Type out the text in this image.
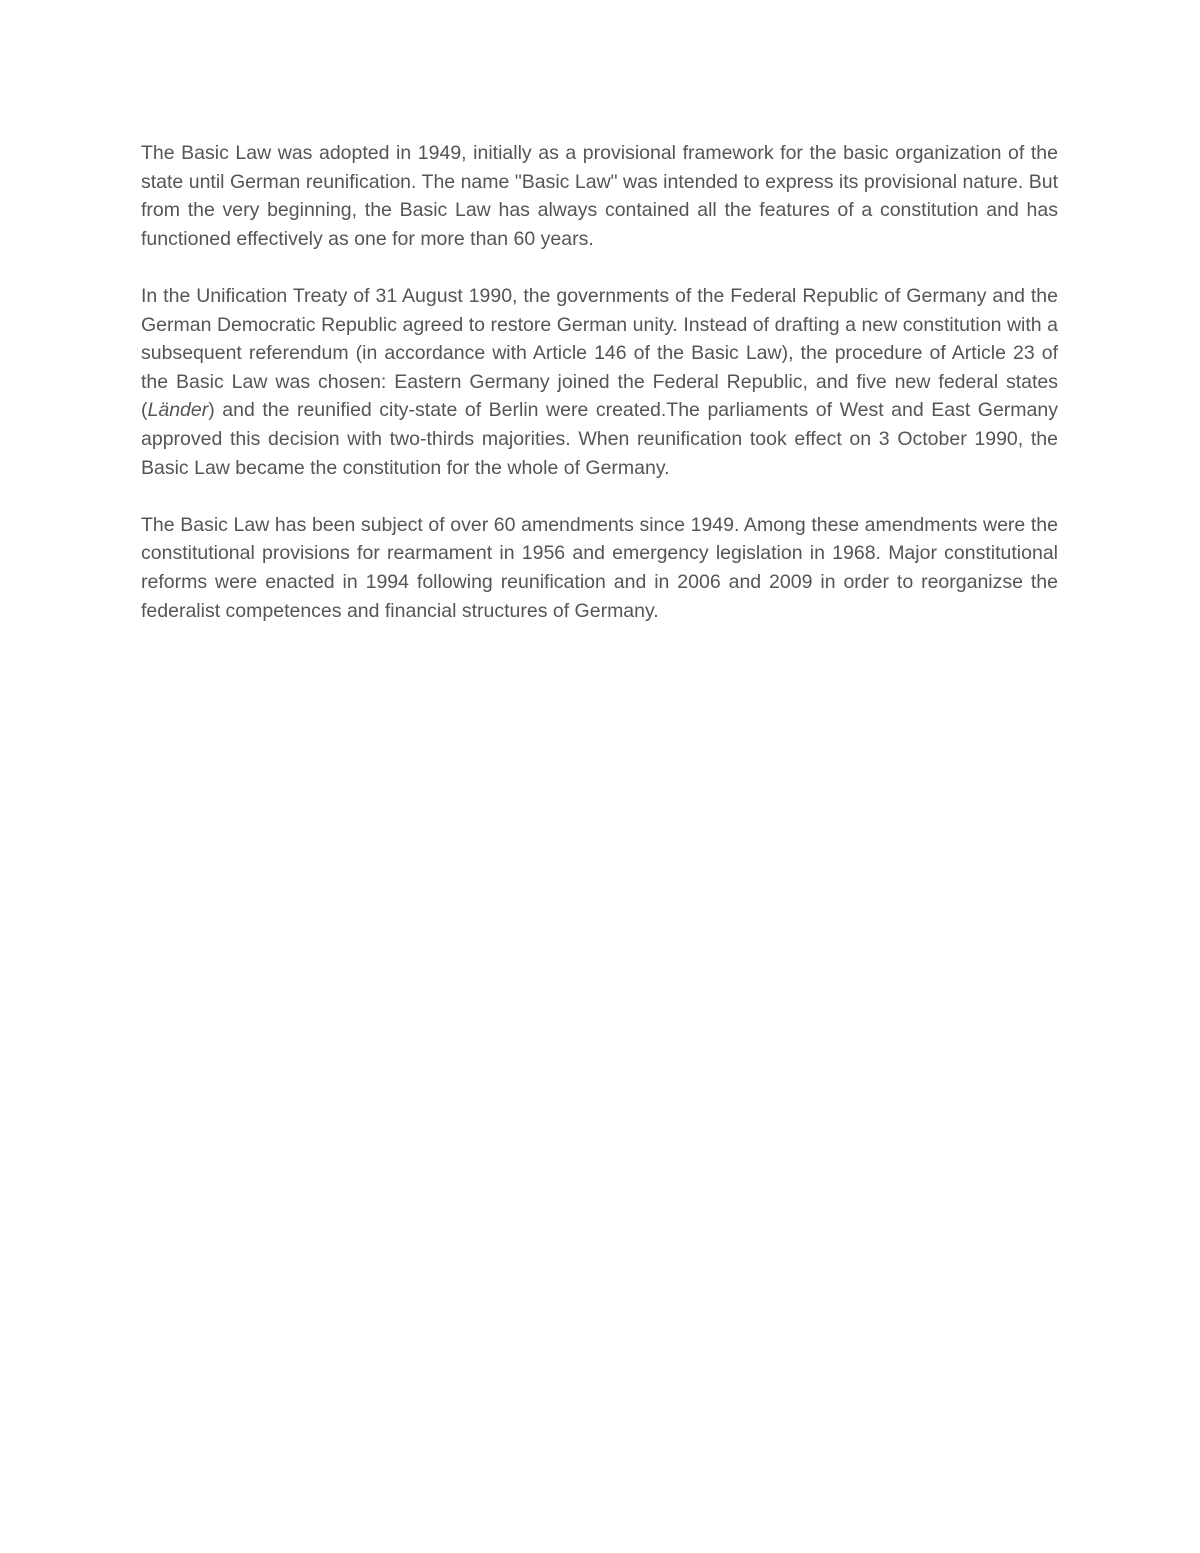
The Basic Law was adopted in 1949, initially as a provisional framework for the basic organization of the state until German reunification. The name "Basic Law" was intended to express its provisional nature. But from the very beginning, the Basic Law has always contained all the features of a constitution and has functioned effectively as one for more than 60 years.

In the Unification Treaty of 31 August 1990, the governments of the Federal Republic of Germany and the German Democratic Republic agreed to restore German unity. Instead of drafting a new constitution with a subsequent referendum (in accordance with Article 146 of the Basic Law), the procedure of Article 23 of the Basic Law was chosen: Eastern Germany joined the Federal Republic, and five new federal states (Länder) and the reunified city-state of Berlin were created.The parliaments of West and East Germany approved this decision with two-thirds majorities. When reunification took effect on 3 October 1990, the Basic Law became the constitution for the whole of Germany.

The Basic Law has been subject of over 60 amendments since 1949. Among these amendments were the constitutional provisions for rearmament in 1956 and emergency legislation in 1968. Major constitutional reforms were enacted in 1994 following reunification and in 2006 and 2009 in order to reorganizse the federalist competences and financial structures of Germany.
